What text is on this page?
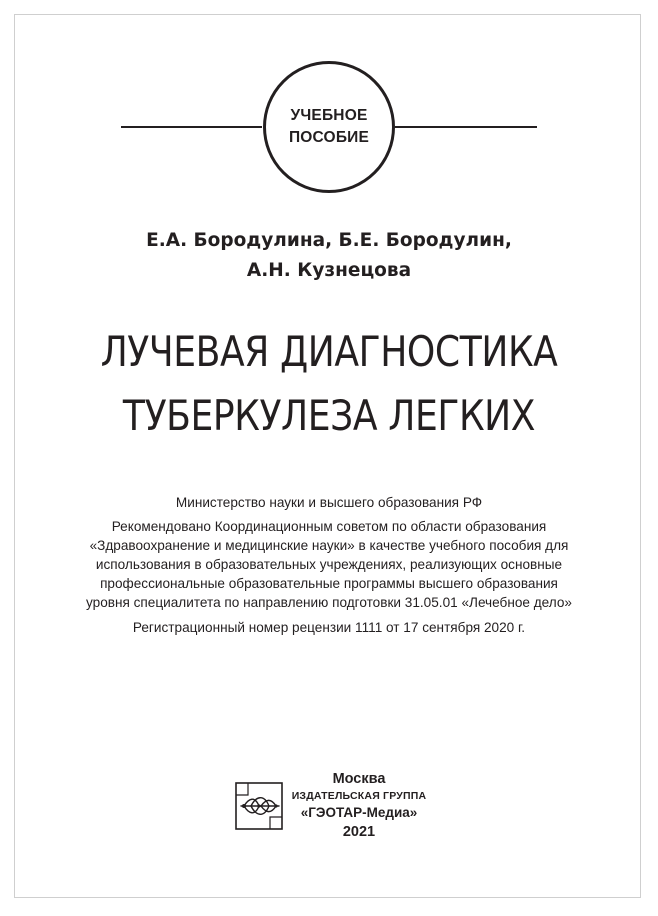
УЧЕБНОЕ
ПОСОБИЕ
Е.А. Бородулина, Б.Е. Бородулин,
А.Н. Кузнецова
ЛУЧЕВАЯ ДИАГНОСТИКА
ТУБЕРКУЛЕЗА ЛЕГКИХ
Министерство науки и высшего образования РФ
Рекомендовано Координационным советом по области образования
«Здравоохранение и медицинские науки» в качестве учебного пособия для
использования в образовательных учреждениях, реализующих основные
профессиональные образовательные программы высшего образования
уровня специалитета по направлению подготовки 31.05.01 «Лечебное дело»
Регистрационный номер рецензии 1111 от 17 сентября 2020 г.
Москва
ИЗДАТЕЛЬСКАЯ ГРУППА
«ГЭОТАР-Медиа»
2021
